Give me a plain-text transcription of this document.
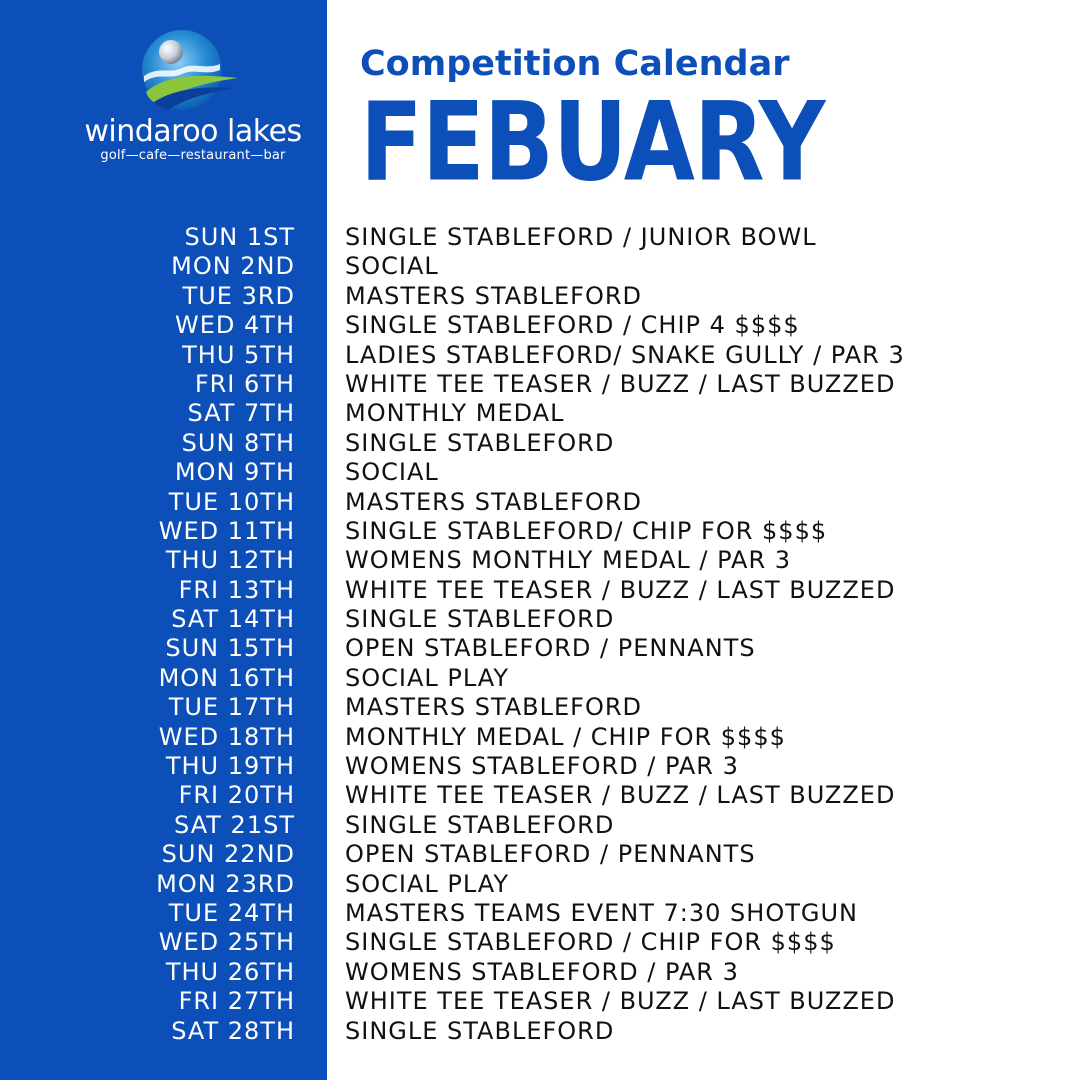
windaroo lakes
golf—cafe—restaurant—bar
Competition Calendar
FEBUARY
SUN 1ST SINGLE STABLEFORD / JUNIOR BOWL
MON 2ND SOCIAL
TUE 3RD MASTERS STABLEFORD
WED 4TH SINGLE STABLEFORD / CHIP 4 $$$$
THU 5TH LADIES STABLEFORD/ SNAKE GULLY / PAR 3
FRI 6TH WHITE TEE TEASER / BUZZ / LAST BUZZED
SAT 7TH MONTHLY MEDAL
SUN 8TH SINGLE STABLEFORD
MON 9TH SOCIAL
TUE 10TH MASTERS STABLEFORD
WED 11TH SINGLE STABLEFORD/ CHIP FOR $$$$
THU 12TH WOMENS MONTHLY MEDAL / PAR 3
FRI 13TH WHITE TEE TEASER / BUZZ / LAST BUZZED
SAT 14TH SINGLE STABLEFORD
SUN 15TH OPEN STABLEFORD / PENNANTS
MON 16TH SOCIAL PLAY
TUE 17TH MASTERS STABLEFORD
WED 18TH MONTHLY MEDAL / CHIP FOR $$$$
THU 19TH WOMENS STABLEFORD / PAR 3
FRI 20TH WHITE TEE TEASER / BUZZ / LAST BUZZED
SAT 21ST SINGLE STABLEFORD
SUN 22ND OPEN STABLEFORD / PENNANTS
MON 23RD SOCIAL PLAY
TUE 24TH MASTERS TEAMS EVENT 7:30 SHOTGUN
WED 25TH SINGLE STABLEFORD / CHIP FOR $$$$
THU 26TH WOMENS STABLEFORD / PAR 3
FRI 27TH WHITE TEE TEASER / BUZZ / LAST BUZZED
SAT 28TH SINGLE STABLEFORD
